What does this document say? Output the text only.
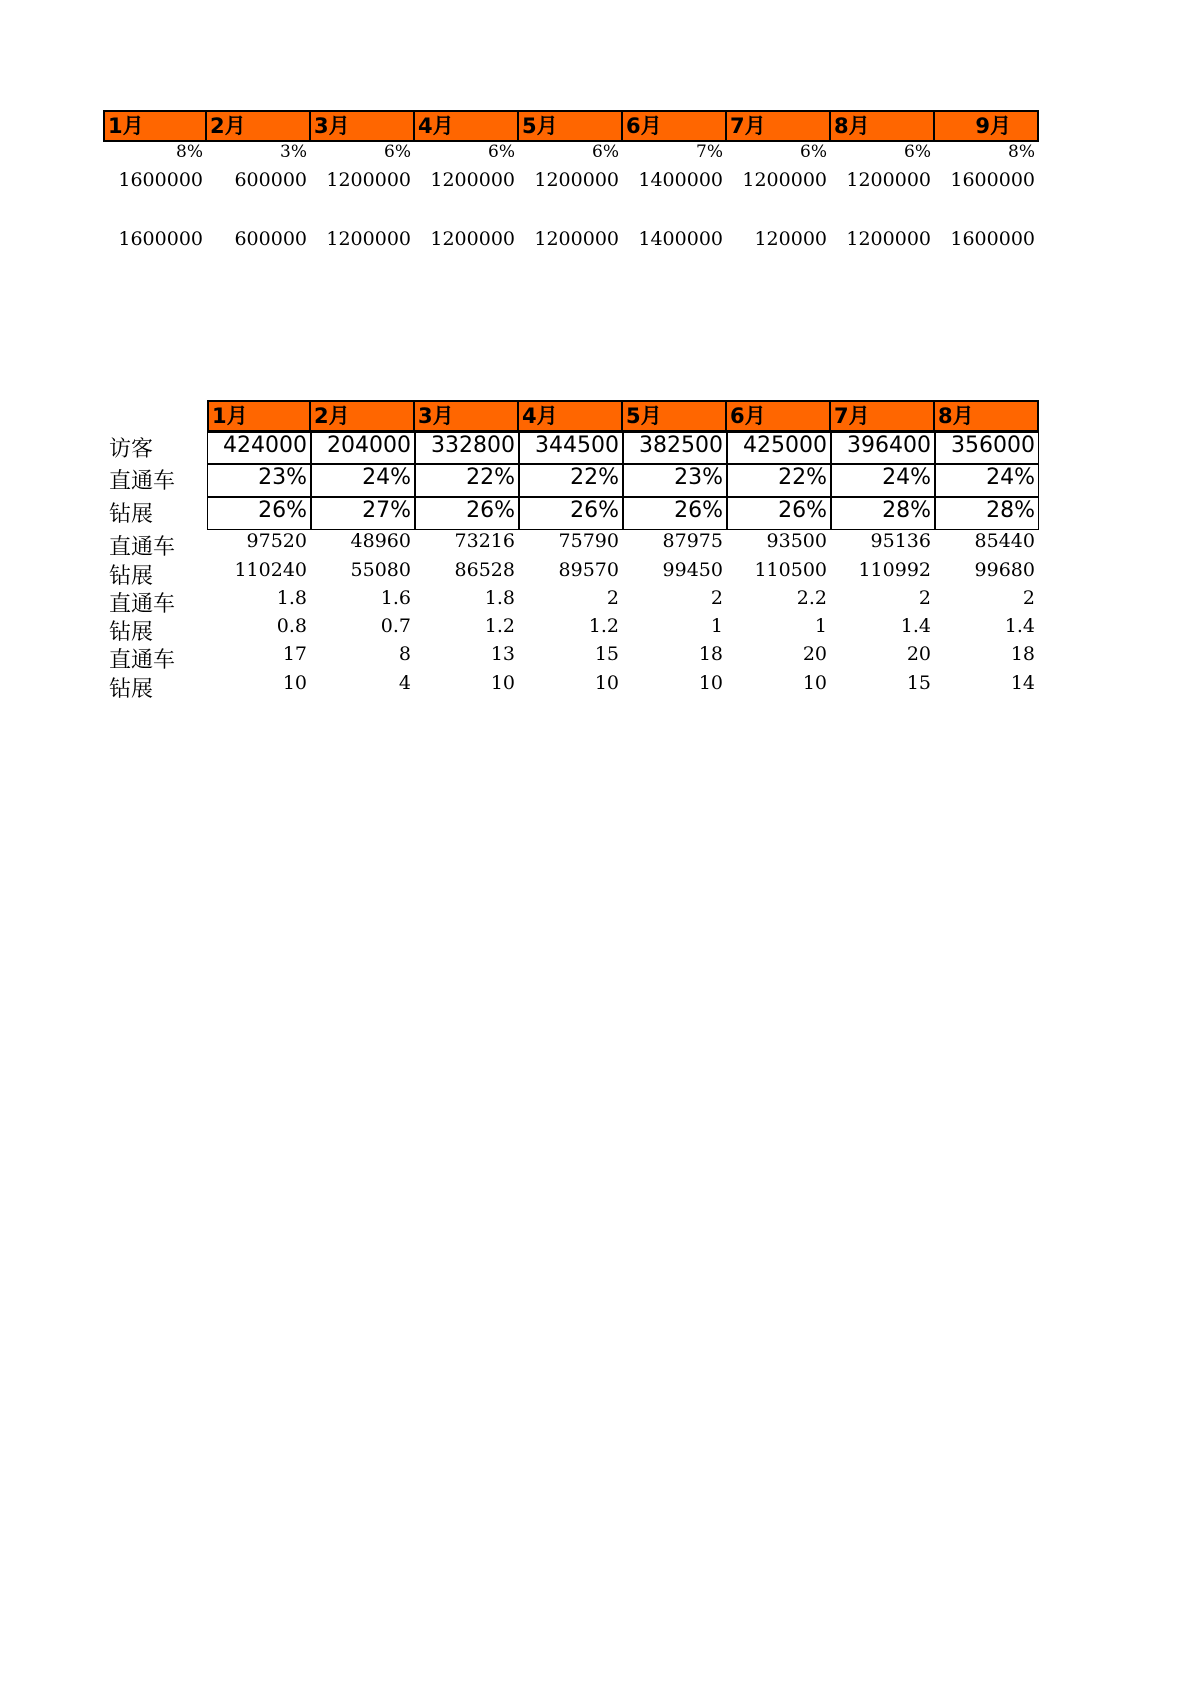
1月	2月	3月	4月	5月	6月	7月	8月	9月
8%	3%	6%	6%	6%	7%	6%	6%	8%
1600000	600000	1200000	1200000	1200000	1400000	1200000	1200000	1600000
1600000	600000	1200000	1200000	1200000	1400000	120000	1200000	1600000
1月	2月	3月	4月	5月	6月	7月	8月
访客	424000 204000 332800 344500 382500 425000 396400 356000
直通车	23%	24%	22%	22%	23%	22%	24%	24%
钻展	26%	27%	26%	26%	26%	26%	28%	28%
直通车	97520	48960	73216	75790	87975	93500	95136	85440
钻展	110240	55080	86528	89570	99450	110500	110992	99680
直通车	1.8	1.6	1.8	2	2	2.2	2	2
钻展	0.8	0.7	1.2	1.2	1	1	1.4	1.4
直通车	17	8	13	15	18	20	20	18
钻展	10	4	10	10	10	10	15	14
